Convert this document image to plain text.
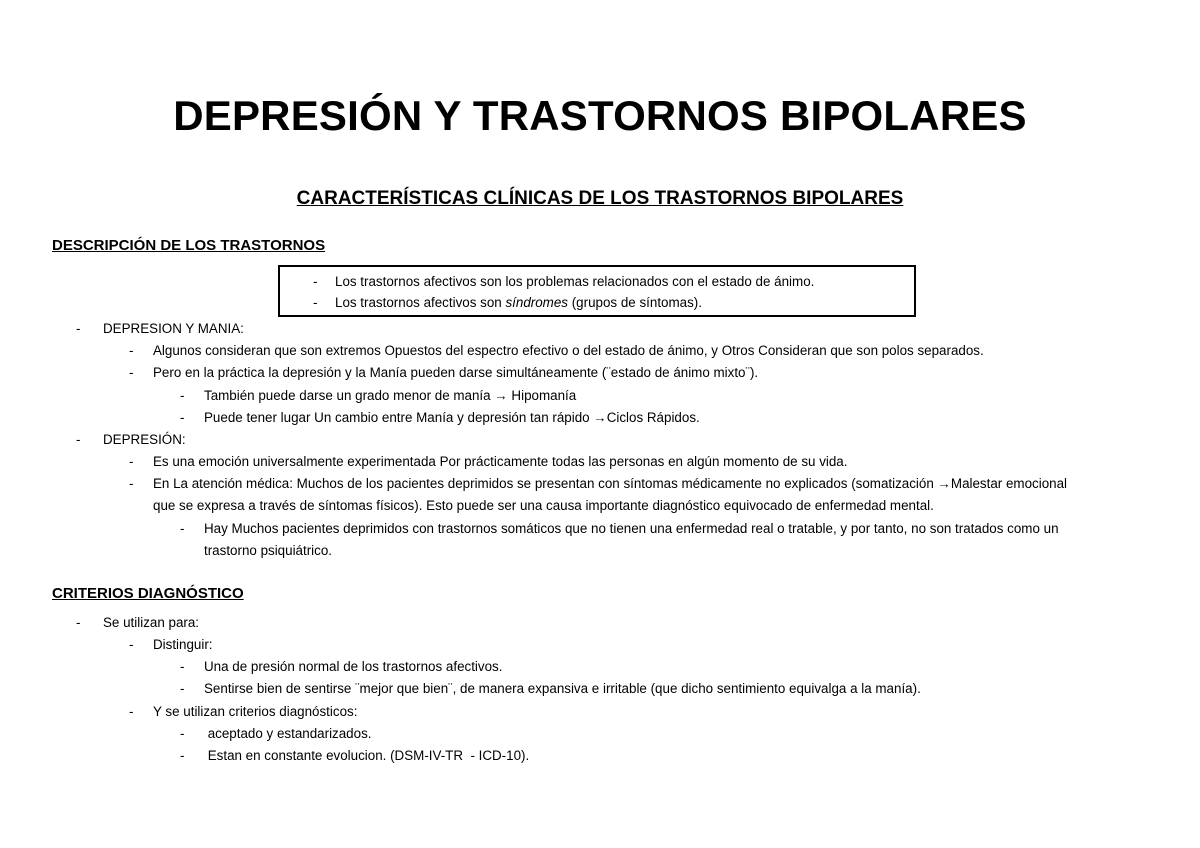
DEPRESIÓN Y TRASTORNOS BIPOLARES
CARACTERÍSTICAS CLÍNICAS DE LOS TRASTORNOS BIPOLARES
DESCRIPCIÓN DE LOS TRASTORNOS
- Los trastornos afectivos son los problemas relacionados con el estado de ánimo.
- Los trastornos afectivos son síndromes (grupos de síntomas).
- DEPRESION Y MANIA:
- Algunos consideran que son extremos Opuestos del espectro efectivo o del estado de ánimo, y Otros Consideran que son polos separados.
- Pero en la práctica la depresión y la Manía pueden darse simultáneamente (¨estado de ánimo mixto¨).
- También puede darse un grado menor de manía → Hipomanía
- Puede tener lugar Un cambio entre Manía y depresión tan rápido →Ciclos Rápidos.
- DEPRESIÓN:
- Es una emoción universalmente experimentada Por prácticamente todas las personas en algún momento de su vida.
- En La atención médica: Muchos de los pacientes deprimidos se presentan con síntomas médicamente no explicados (somatización →Malestar emocional
que se expresa a través de síntomas físicos). Esto puede ser una causa importante diagnóstico equivocado de enfermedad mental.
- Hay Muchos pacientes deprimidos con trastornos somáticos que no tienen una enfermedad real o tratable, y por tanto, no son tratados como un
trastorno psiquiátrico.
CRITERIOS DIAGNÓSTICO
- Se utilizan para:
- Distinguir:
- Una de presión normal de los trastornos afectivos.
- Sentirse bien de sentirse ¨mejor que bien¨, de manera expansiva e irritable (que dicho sentimiento equivalga a la manía).
- Y se utilizan criterios diagnósticos:
- aceptado y estandarizados.
- Estan en constante evolucion. (DSM-IV-TR  - ICD-10).
